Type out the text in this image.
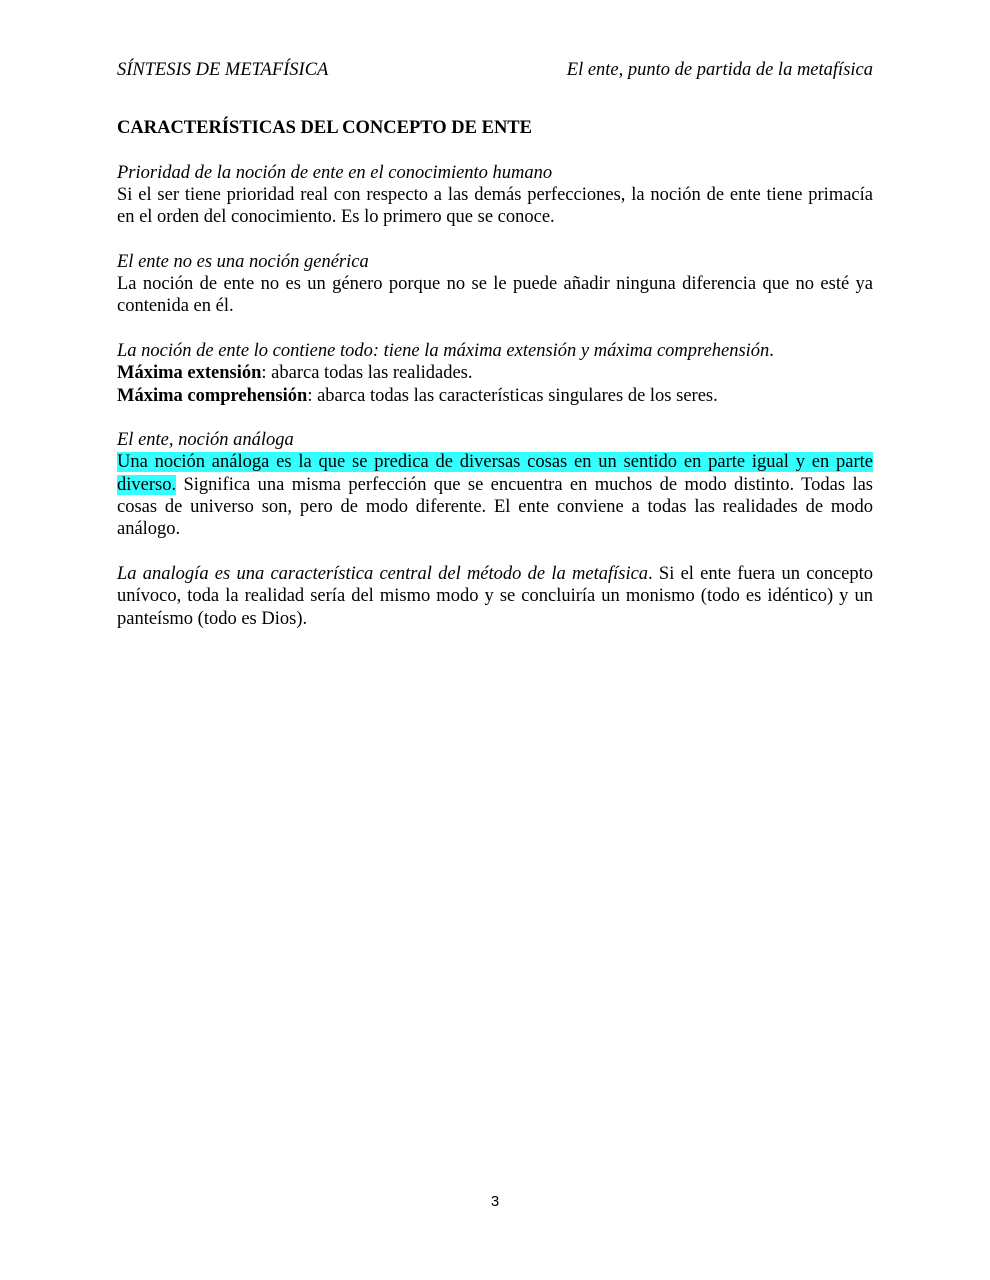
SÍNTESIS DE METAFÍSICA	El ente, punto de partida de la metafísica

CARACTERÍSTICAS DEL CONCEPTO DE ENTE

Prioridad de la noción de ente en el conocimiento humano

Si el ser tiene prioridad real con respecto a las demás perfecciones, la noción de ente tiene primacía en el orden del conocimiento. Es lo primero que se conoce.

El ente no es una noción genérica

La noción de ente no es un género porque no se le puede añadir ninguna diferencia que no esté ya contenida en él.

La noción de ente lo contiene todo: tiene la máxima extensión y máxima comprehensión.

Máxima extensión: abarca todas las realidades.

Máxima comprehensión: abarca todas las características singulares de los seres.

El ente, noción análoga

Una noción análoga es la que se predica de diversas cosas en un sentido en parte igual y en parte diverso. Significa una misma perfección que se encuentra en muchos de modo distinto. Todas las cosas de universo son, pero de modo diferente. El ente conviene a todas las realidades de modo análogo.

La analogía es una característica central del método de la metafísica. Si el ente fuera un concepto unívoco, toda la realidad sería del mismo modo y se concluiría un monismo (todo es idéntico) y un panteísmo (todo es Dios).

3
